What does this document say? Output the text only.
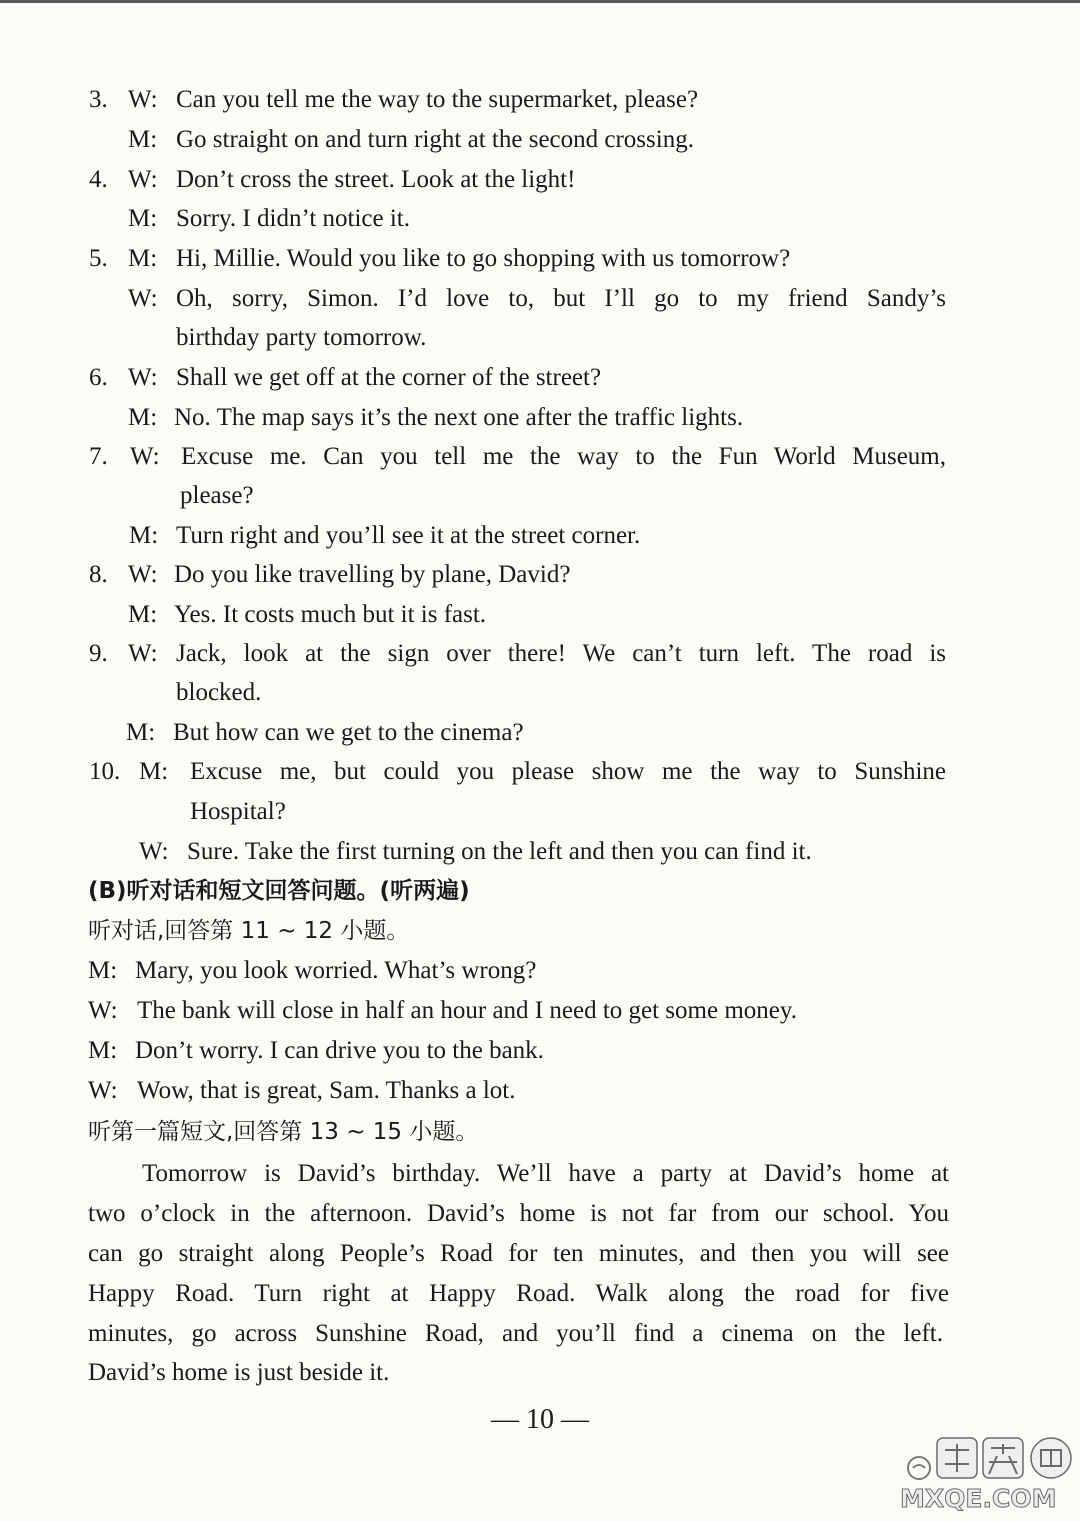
3. W: Can you tell me the way to the supermarket, please?
M: Go straight on and turn right at the second crossing.
4. W: Don’t cross the street. Look at the light!
M: Sorry. I didn’t notice it.
5. M: Hi, Millie. Would you like to go shopping with us tomorrow?
W: Oh, sorry, Simon. I’d love to, but I’ll go to my friend Sandy’s
birthday party tomorrow.
6. W: Shall we get off at the corner of the street?
M: No. The map says it’s the next one after the traffic lights.
7. W: Excuse me. Can you tell me the way to the Fun World Museum,
please?
M: Turn right and you’ll see it at the street corner.
8. W: Do you like travelling by plane, David?
M: Yes. It costs much but it is fast.
9. W: Jack, look at the sign over there! We can’t turn left. The road is
blocked.
M: But how can we get to the cinema?
10. M: Excuse me, but could you please show me the way to Sunshine
Hospital?
W: Sure. Take the first turning on the left and then you can find it.
(B)听对话和短文回答问题。(听两遍)
听对话,回答第 11 ~ 12 小题。
M: Mary, you look worried. What’s wrong?
W: The bank will close in half an hour and I need to get some money.
M: Don’t worry. I can drive you to the bank.
W: Wow, that is great, Sam. Thanks a lot.
听第一篇短文,回答第 13 ~ 15 小题。
Tomorrow is David’s birthday. We’ll have a party at David’s home at
two o’clock in the afternoon. David’s home is not far from our school. You
can go straight along People’s Road for ten minutes, and then you will see
Happy Road. Turn right at Happy Road. Walk along the road for five
minutes, go across Sunshine Road, and you’ll find a cinema on the left.
David’s home is just beside it.
— 10 —
MXQE.COM
